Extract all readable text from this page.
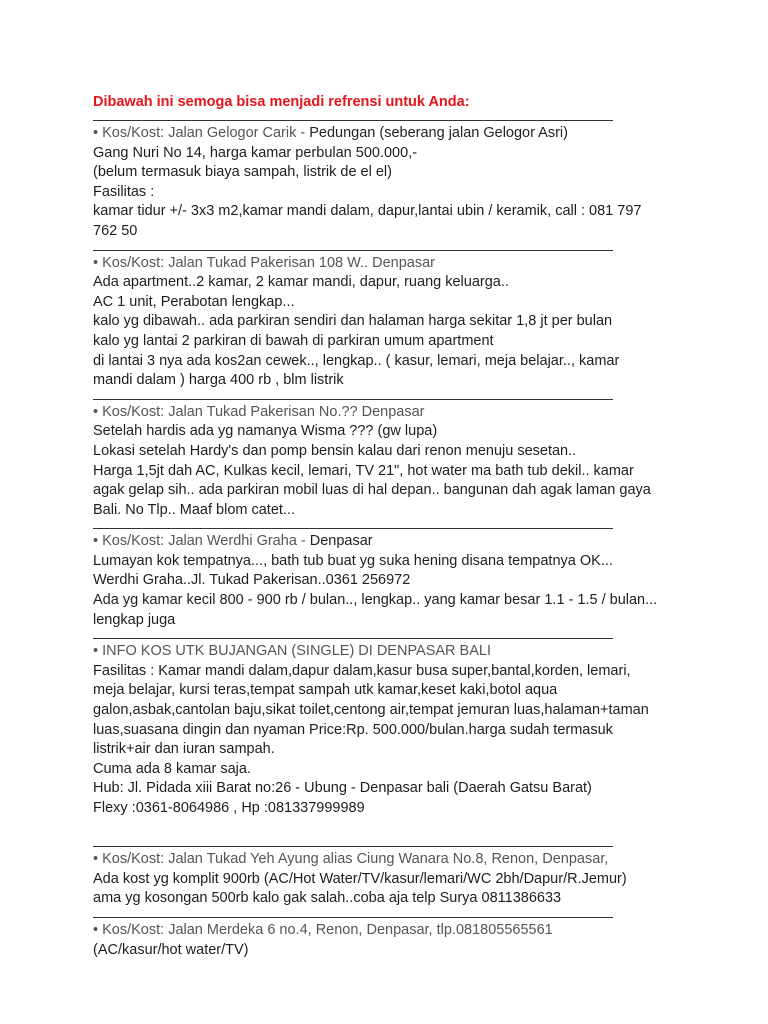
Dibawah ini semoga bisa menjadi refrensi untuk Anda:

• Kos/Kost: Jalan Gelogor Carik - Pedungan (seberang jalan Gelogor Asri)
Gang Nuri No 14, harga kamar perbulan 500.000,-
(belum termasuk biaya sampah, listrik de el el)
Fasilitas :
kamar tidur +/- 3x3 m2,kamar mandi dalam, dapur,lantai ubin / keramik, call : 081 797
762 50
• Kos/Kost: Jalan Tukad Pakerisan 108 W.. Denpasar
Ada apartment..2 kamar, 2 kamar mandi, dapur, ruang keluarga..
AC 1 unit, Perabotan lengkap...
kalo yg dibawah.. ada parkiran sendiri dan halaman harga sekitar 1,8 jt per bulan
kalo yg lantai 2 parkiran di bawah di parkiran umum apartment
di lantai 3 nya ada kos2an cewek.., lengkap.. ( kasur, lemari, meja belajar.., kamar
mandi dalam ) harga 400 rb , blm listrik
• Kos/Kost: Jalan Tukad Pakerisan No.?? Denpasar
Setelah hardis ada yg namanya Wisma ??? (gw lupa)
Lokasi setelah Hardy's dan pomp bensin kalau dari renon menuju sesetan..
Harga 1,5jt dah AC, Kulkas kecil, lemari, TV 21", hot water ma bath tub dekil.. kamar
agak gelap sih.. ada parkiran mobil luas di hal depan.. bangunan dah agak laman gaya
Bali. No Tlp.. Maaf blom catet...
• Kos/Kost: Jalan Werdhi Graha - Denpasar
Lumayan kok tempatnya..., bath tub buat yg suka hening disana tempatnya OK...
Werdhi Graha..Jl. Tukad Pakerisan..0361 256972
Ada yg kamar kecil 800 - 900 rb / bulan.., lengkap.. yang kamar besar 1.1 - 1.5 / bulan...
lengkap juga
• INFO KOS UTK BUJANGAN (SINGLE) DI DENPASAR BALI
Fasilitas : Kamar mandi dalam,dapur dalam,kasur busa super,bantal,korden, lemari,
meja belajar, kursi teras,tempat sampah utk kamar,keset kaki,botol aqua
galon,asbak,cantolan baju,sikat toilet,centong air,tempat jemuran luas,halaman+taman
luas,suasana dingin dan nyaman Price:Rp. 500.000/bulan.harga sudah termasuk
listrik+air dan iuran sampah.
Cuma ada 8 kamar saja.
Hub: Jl. Pidada xiii Barat no:26 - Ubung - Denpasar bali (Daerah Gatsu Barat)
Flexy :0361-8064986 , Hp :081337999989

• Kos/Kost: Jalan Tukad Yeh Ayung alias Ciung Wanara No.8, Renon, Denpasar,
Ada kost yg komplit 900rb (AC/Hot Water/TV/kasur/lemari/WC 2bh/Dapur/R.Jemur)
ama yg kosongan 500rb kalo gak salah..coba aja telp Surya 0811386633
• Kos/Kost: Jalan Merdeka 6 no.4, Renon, Denpasar, tlp.081805565561
(AC/kasur/hot water/TV)
